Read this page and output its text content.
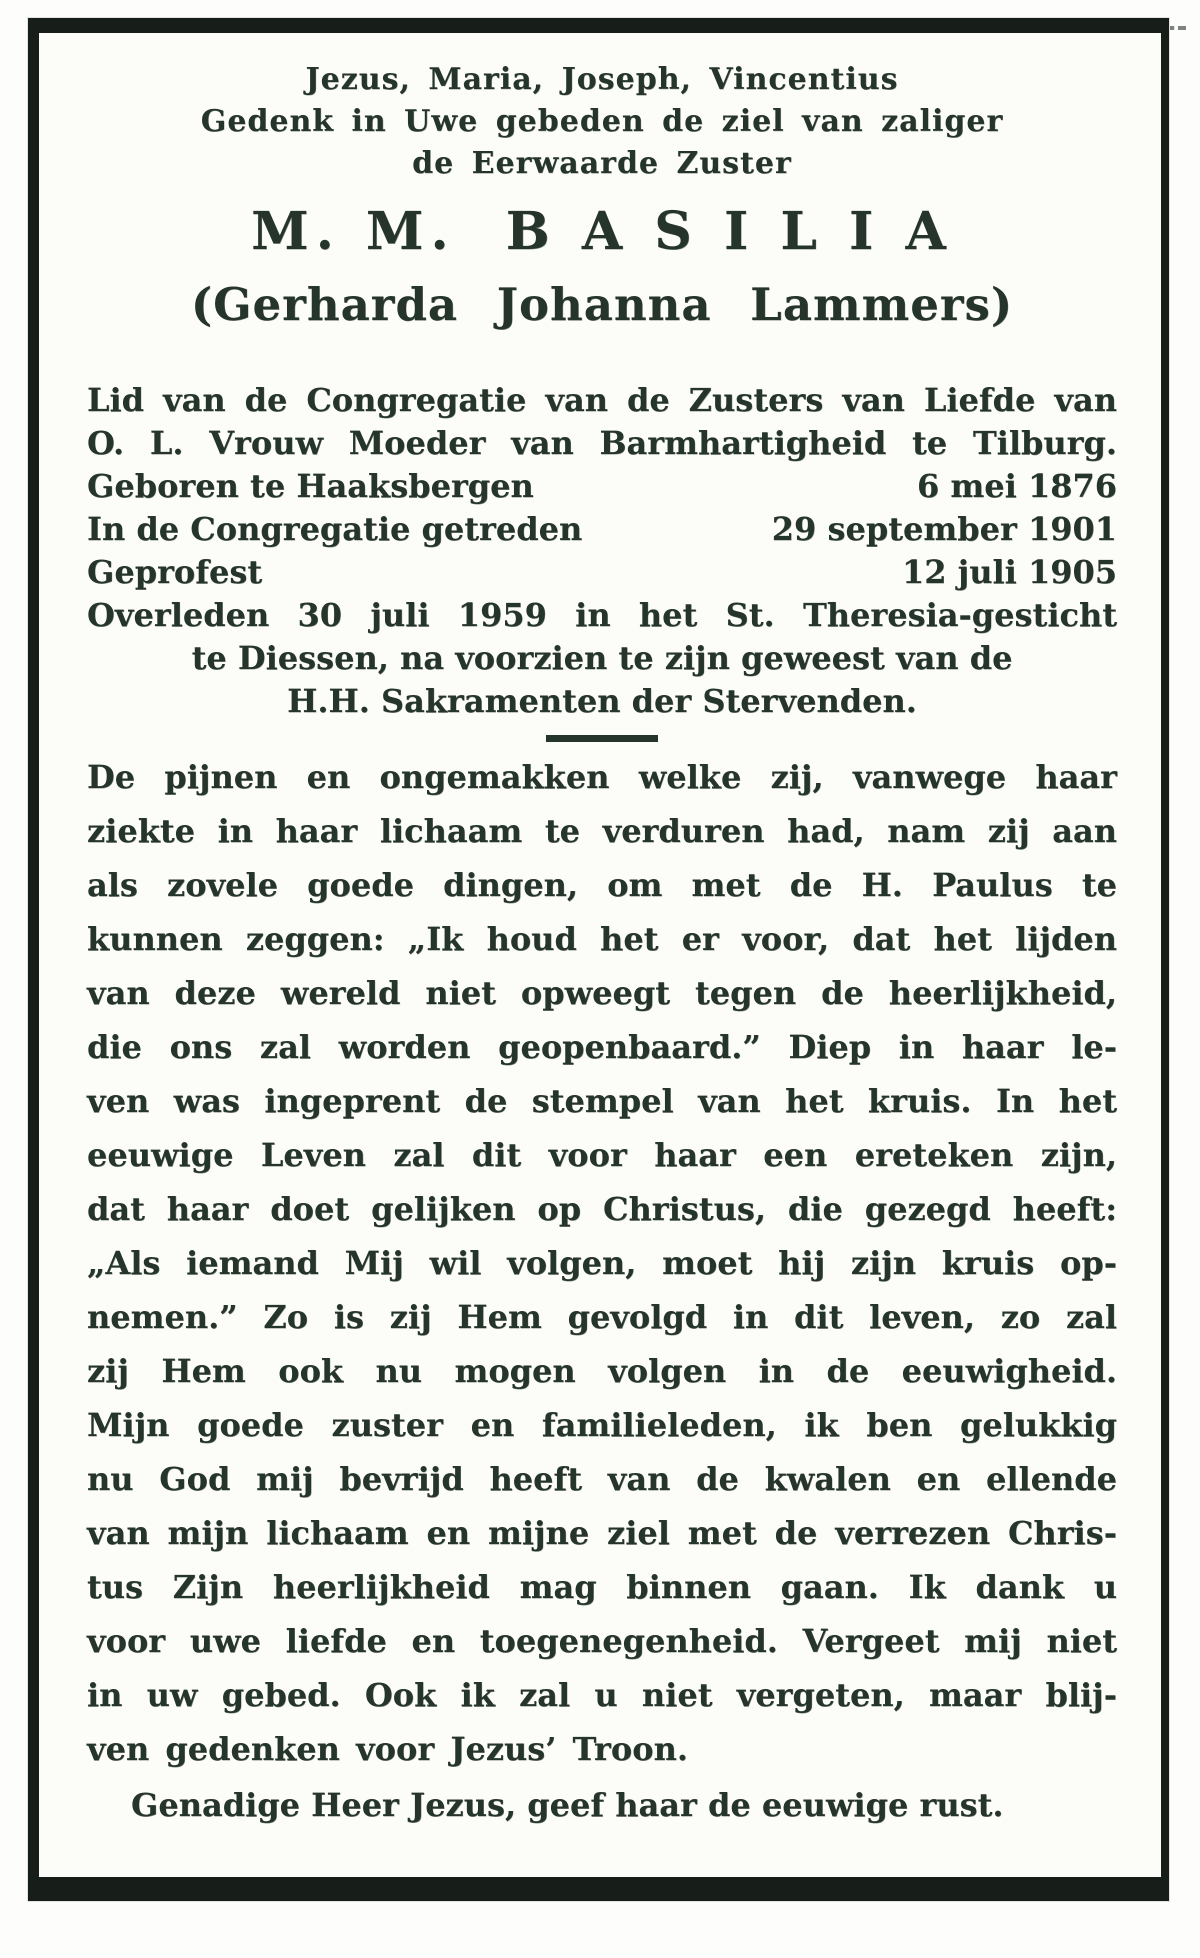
Jezus, Maria, Joseph, Vincentius
Gedenk in Uwe gebeden de ziel van zaliger
de Eerwaarde Zuster
M. M.  B A S I L I A
(Gerharda Johanna Lammers)
Lid van de Congregatie van de Zusters van Liefde van
O. L. Vrouw Moeder van Barmhartigheid te Tilburg.
Geboren te Haaksbergen	6 mei 1876
In de Congregatie getreden	29 september 1901
Geprofest	12 juli 1905
Overleden 30 juli 1959 in het St. Theresia-gesticht
te Diessen, na voorzien te zijn geweest van de
H.H. Sakramenten der Stervenden.
De pijnen en ongemakken welke zij, vanwege haar
ziekte in haar lichaam te verduren had, nam zij aan
als zovele goede dingen, om met de H. Paulus te
kunnen zeggen: „Ik houd het er voor, dat het lijden
van deze wereld niet opweegt tegen de heerlijkheid,
die ons zal worden geopenbaard.” Diep in haar le-
ven was ingeprent de stempel van het kruis. In het
eeuwige Leven zal dit voor haar een ereteken zijn,
dat haar doet gelijken op Christus, die gezegd heeft:
„Als iemand Mij wil volgen, moet hij zijn kruis op-
nemen.” Zo is zij Hem gevolgd in dit leven, zo zal
zij Hem ook nu mogen volgen in de eeuwigheid.
Mijn goede zuster en familieleden, ik ben gelukkig
nu God mij bevrijd heeft van de kwalen en ellende
van mijn lichaam en mijne ziel met de verrezen Chris-
tus Zijn heerlijkheid mag binnen gaan. Ik dank u
voor uwe liefde en toegenegenheid. Vergeet mij niet
in uw gebed. Ook ik zal u niet vergeten, maar blij-
ven gedenken voor Jezus’ Troon.
Genadige Heer Jezus, geef haar de eeuwige rust.
